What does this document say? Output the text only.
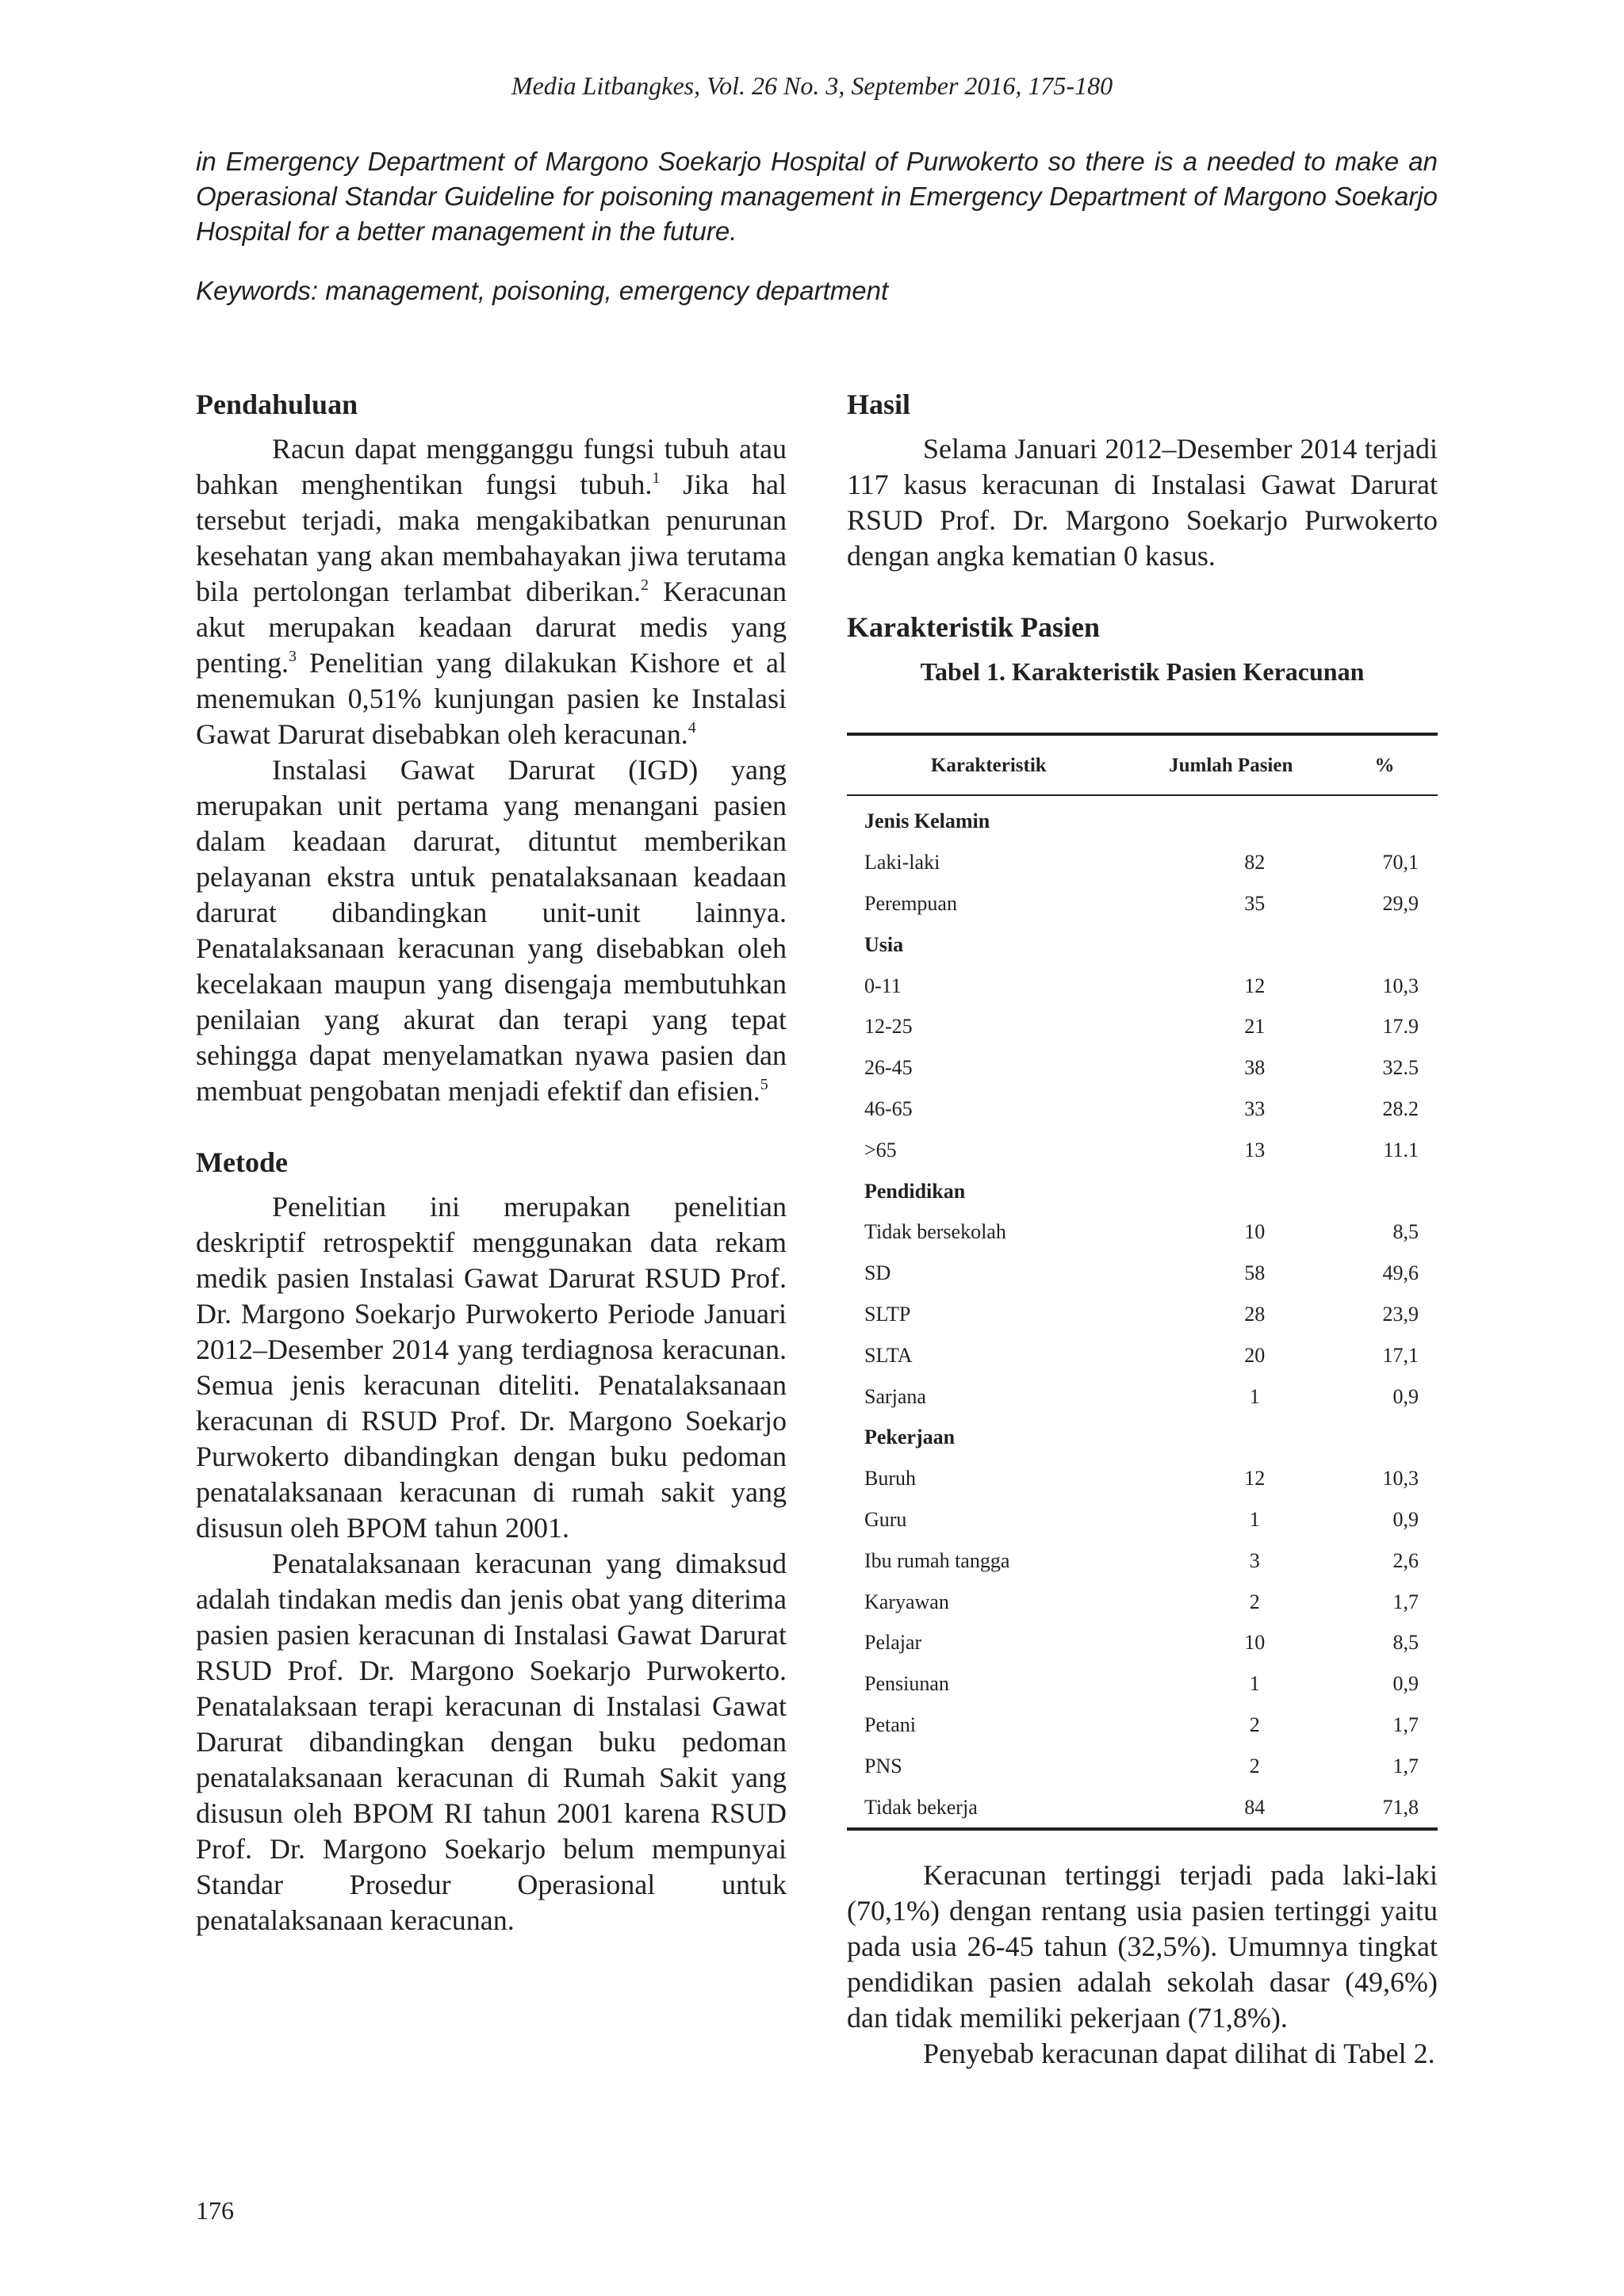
Media Litbangkes, Vol. 26 No. 3, September 2016, 175-180
in Emergency Department of Margono Soekarjo Hospital of Purwokerto so there is a needed to make an Operasional Standar Guideline for poisoning management in Emergency Department of Margono Soekarjo Hospital for a better management in the future.
Keywords: management, poisoning, emergency department
Pendahuluan

Racun dapat mengganggu fungsi tubuh atau bahkan menghentikan fungsi tubuh.$^1$ Jika hal tersebut terjadi, maka mengakibatkan penurunan kesehatan yang akan membahayakan jiwa terutama bila pertolongan terlambat diberikan.$^2$ Keracunan akut merupakan keadaan darurat medis yang penting.$^3$ Penelitian yang dilakukan Kishore et al menemukan 0,51% kunjungan pasien ke Instalasi Gawat Darurat disebabkan oleh keracunan.$^4$

Instalasi Gawat Darurat (IGD) yang merupakan unit pertama yang menangani pasien dalam keadaan darurat, dituntut memberikan pelayanan ekstra untuk penatalaksanaan keadaan darurat dibandingkan unit-unit lainnya. Penatalaksanaan keracunan yang disebabkan oleh kecelakaan maupun yang disengaja membutuhkan penilaian yang akurat dan terapi yang tepat sehingga dapat menyelamatkan nyawa pasien dan membuat pengobatan menjadi efektif dan efisien.$^5$

Metode

Penelitian ini merupakan penelitian deskriptif retrospektif menggunakan data rekam medik pasien Instalasi Gawat Darurat RSUD Prof. Dr. Margono Soekarjo Purwokerto Periode Januari 2012–Desember 2014 yang terdiagnosa keracunan. Semua jenis keracunan diteliti. Penatalaksanaan keracunan di RSUD Prof. Dr. Margono Soekarjo Purwokerto dibandingkan dengan buku pedoman penatalaksanaan keracunan di rumah sakit yang disusun oleh BPOM tahun 2001.

Penatalaksanaan keracunan yang dimaksud adalah tindakan medis dan jenis obat yang diterima pasien pasien keracunan di Instalasi Gawat Darurat RSUD Prof. Dr. Margono Soekarjo Purwokerto. Penatalaksaan terapi keracunan di Instalasi Gawat Darurat dibandingkan dengan buku pedoman penatalaksanaan keracunan di Rumah Sakit yang disusun oleh BPOM RI tahun 2001 karena RSUD Prof. Dr. Margono Soekarjo belum mempunyai Standar Prosedur Operasional untuk penatalaksanaan keracunan.

Hasil

Selama Januari 2012–Desember 2014 terjadi 117 kasus keracunan di Instalasi Gawat Darurat RSUD Prof. Dr. Margono Soekarjo Purwokerto dengan angka kematian 0 kasus.

Karakteristik Pasien
Tabel 1. Karakteristik Pasien Keracunan
Karakteristik	Jumlah Pasien	%
Jenis Kelamin		
Laki-laki	82	70,1
Perempuan	35	29,9
Usia		
0-11	12	10,3
12-25	21	17.9
26-45	38	32.5
46-65	33	28.2
>65	13	11.1
Pendidikan		
Tidak bersekolah	10	8,5
SD	58	49,6
SLTP	28	23,9
SLTA	20	17,1
Sarjana	1	0,9
Pekerjaan		
Buruh	12	10,3
Guru	1	0,9
Ibu rumah tangga	3	2,6
Karyawan	2	1,7
Pelajar	10	8,5
Pensiunan	1	0,9
Petani	2	1,7
PNS	2	1,7
Tidak bekerja	84	71,8

Keracunan tertinggi terjadi pada laki-laki (70,1%) dengan rentang usia pasien tertinggi yaitu pada usia 26-45 tahun (32,5%). Umumnya tingkat pendidikan pasien adalah sekolah dasar (49,6%) dan tidak memiliki pekerjaan (71,8%).

Penyebab keracunan dapat dilihat di Tabel 2.

176
